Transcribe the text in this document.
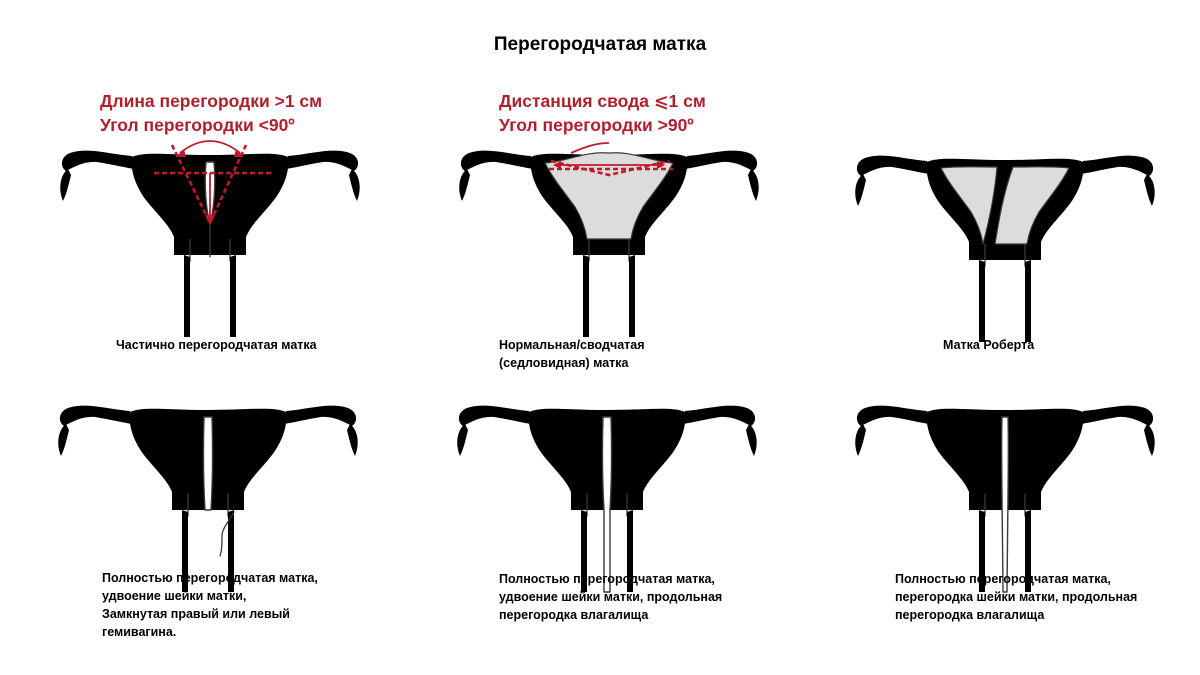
Перегородчатая матка
Длина перегородки >1 см
Угол перегородки <90º
Дистанция свода ⩽1 см
Угол перегородки >90º
Частично перегородчатая матка	Нормальная/сводчатая
(седловидная) матка
Матка Роберта
Полностью перегородчатая матка,
удвоение шейки матки,
Замкнутая правый или левый
гемивагина.
Полностью перегородчатая матка,
удвоение шейки матки, продольная
перегородка влагалища
Полностью перегородчатая матка,
перегородка шейки матки, продольная
перегородка влагалища
